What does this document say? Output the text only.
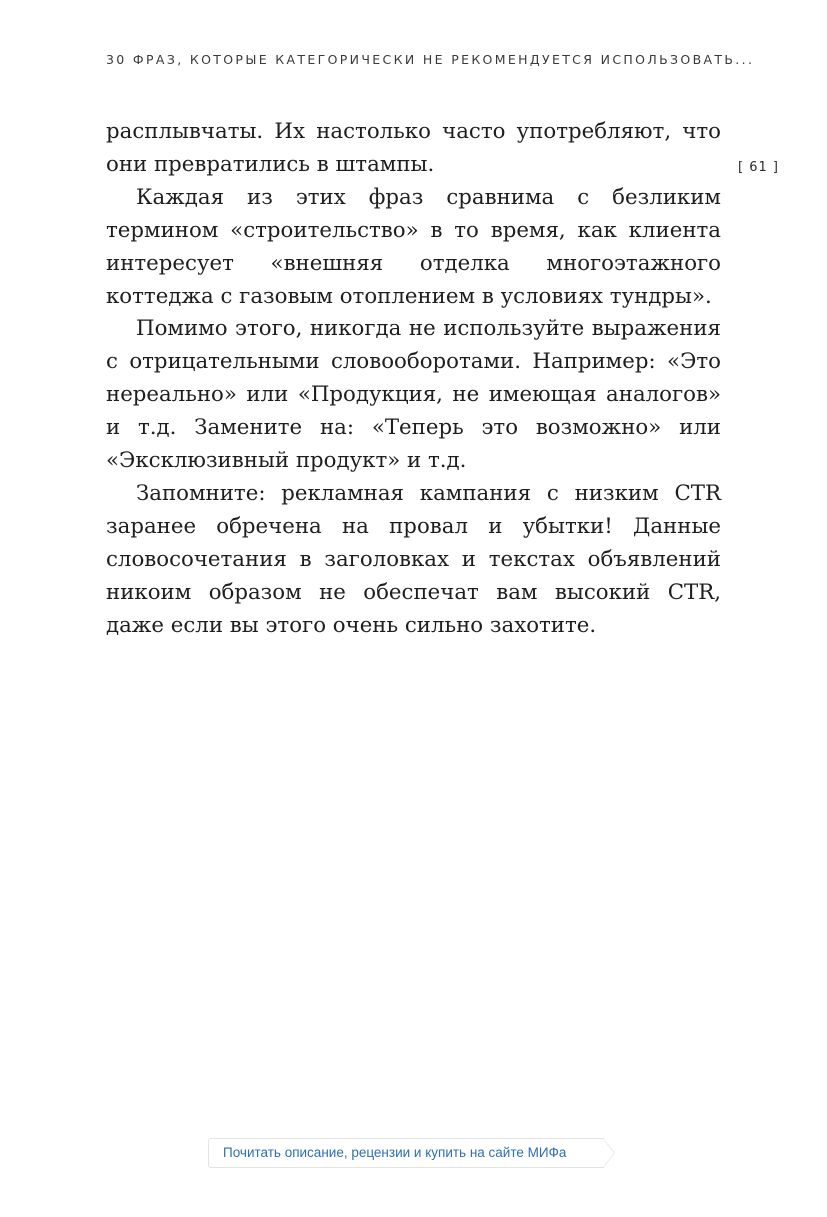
30 ФРАЗ, КОТОРЫЕ КАТЕГОРИЧЕСКИ НЕ РЕКОМЕНДУЕТСЯ ИСПОЛЬЗОВАТЬ...
[ 61 ]

расплывчаты. Их настолько часто употребляют, что они превратились в штампы.

Каждая из этих фраз сравнима с безликим термином «строительство» в то время, как клиента интересует «внешняя отделка многоэтажного коттеджа с газовым отоплением в условиях тундры».

Помимо этого, никогда не используйте выражения с отрицательными словооборотами. Например: «Это нереально» или «Продукция, не имеющая аналогов» и т.д. Замените на: «Теперь это возможно» или «Эксклюзивный продукт» и т.д.

Запомните: рекламная кампания с низким CTR заранее обречена на провал и убытки! Данные словосочетания в заголовках и текстах объявлений никоим образом не обеспечат вам высокий CTR, даже если вы этого очень сильно захотите.

Почитать описание, рецензии и купить на сайте МИФа
